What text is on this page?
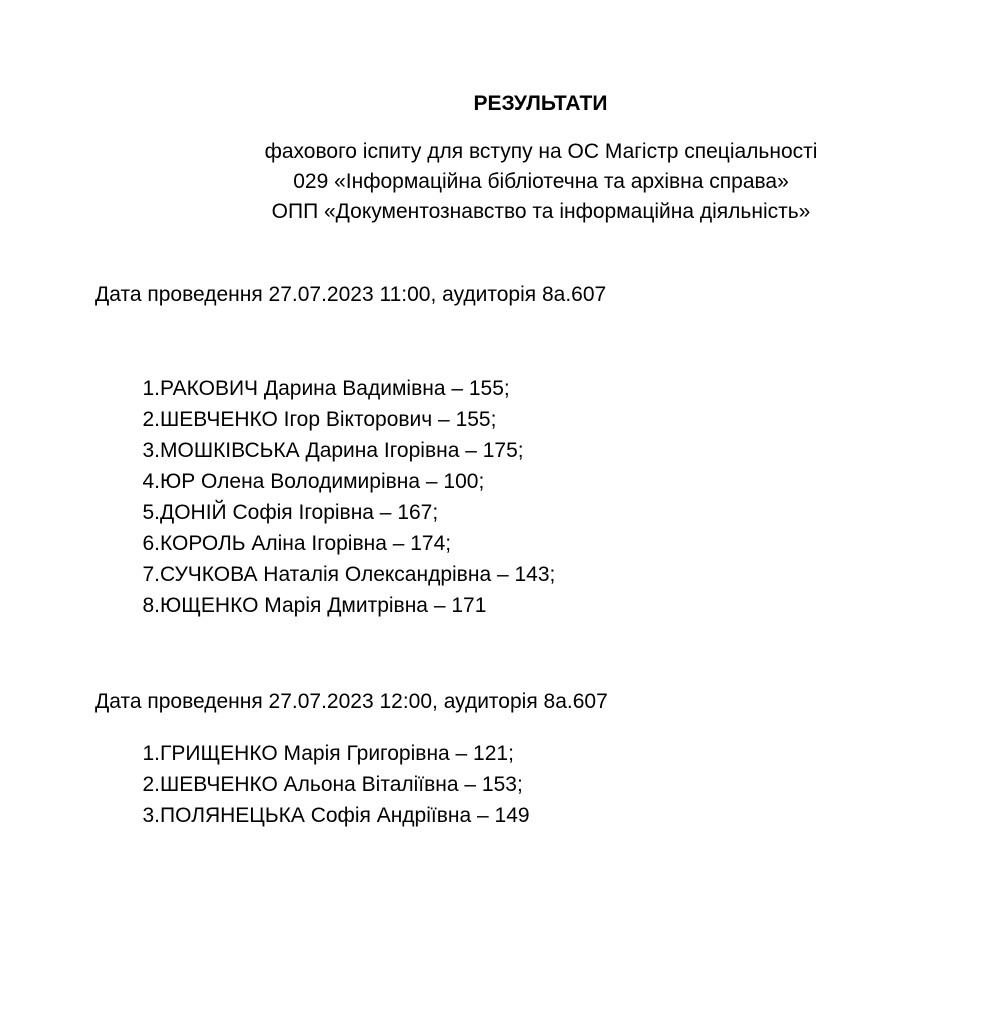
РЕЗУЛЬТАТИ
фахового іспиту для вступу на ОС Магістр спеціальності
029 «Інформаційна бібліотечна та архівна справа»
ОПП «Документознавство та інформаційна діяльність»
Дата проведення 27.07.2023 11:00, аудиторія 8а.607
1. РАКОВИЧ Дарина Вадимівна – 155;
2. ШЕВЧЕНКО Ігор Вікторович – 155;
3. МОШКІВСЬКА Дарина Ігорівна – 175;
4. ЮР Олена Володимирівна – 100;
5. ДОНІЙ Софія Ігорівна – 167;
6. КОРОЛЬ Аліна Ігорівна – 174;
7. СУЧКОВА Наталія Олександрівна – 143;
8. ЮЩЕНКО Марія Дмитрівна – 171
Дата проведення 27.07.2023 12:00, аудиторія 8а.607
1. ГРИЩЕНКО Марія Григорівна – 121;
2. ШЕВЧЕНКО Альона Віталіївна – 153;
3. ПОЛЯНЕЦЬКА Софія Андріївна – 149
